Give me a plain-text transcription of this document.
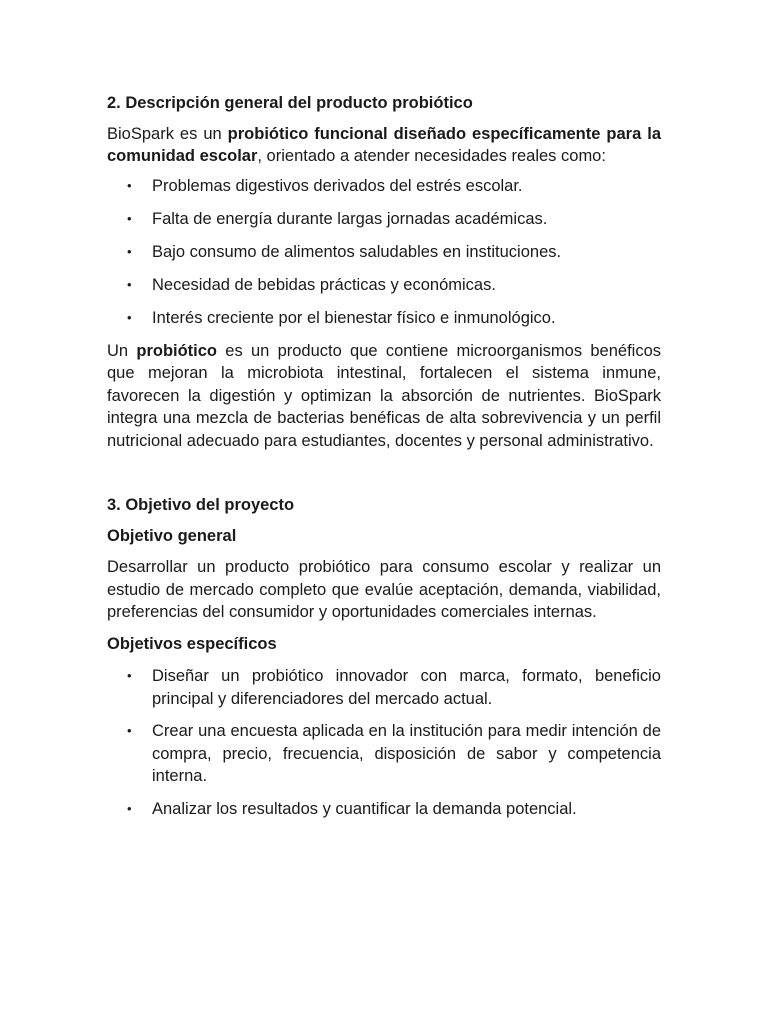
2. Descripción general del producto probiótico

BioSpark es un probiótico funcional diseñado específicamente para la comunidad escolar, orientado a atender necesidades reales como:

• Problemas digestivos derivados del estrés escolar.
• Falta de energía durante largas jornadas académicas.
• Bajo consumo de alimentos saludables en instituciones.
• Necesidad de bebidas prácticas y económicas.
• Interés creciente por el bienestar físico e inmunológico.

Un probiótico es un producto que contiene microorganismos benéficos que mejoran la microbiota intestinal, fortalecen el sistema inmune, favorecen la digestión y optimizan la absorción de nutrientes. BioSpark integra una mezcla de bacterias benéficas de alta sobrevivencia y un perfil nutricional adecuado para estudiantes, docentes y personal administrativo.

3. Objetivo del proyecto

Objetivo general

Desarrollar un producto probiótico para consumo escolar y realizar un estudio de mercado completo que evalúe aceptación, demanda, viabilidad, preferencias del consumidor y oportunidades comerciales internas.

Objetivos específicos

• Diseñar un probiótico innovador con marca, formato, beneficio principal y diferenciadores del mercado actual.
• Crear una encuesta aplicada en la institución para medir intención de compra, precio, frecuencia, disposición de sabor y competencia interna.
• Analizar los resultados y cuantificar la demanda potencial.
